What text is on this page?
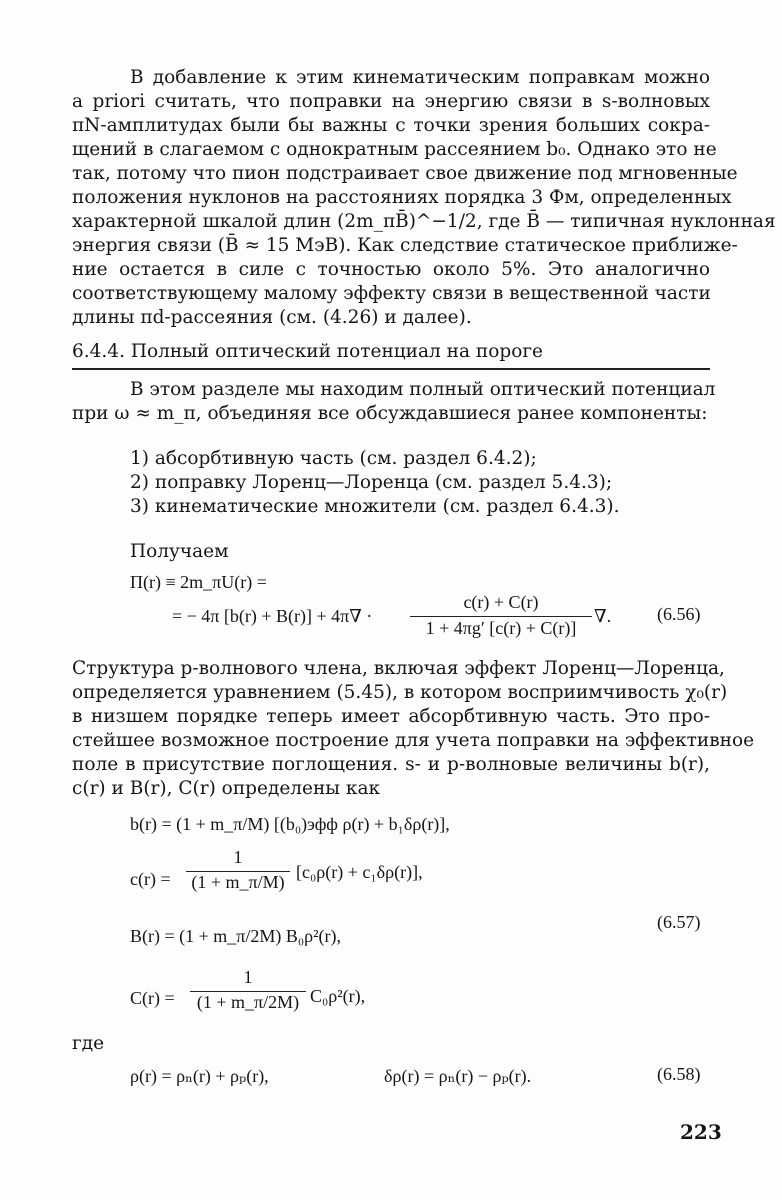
В добавление к этим кинематическим поправкам можно
a priori считать, что поправки на энергию связи в s-волновых
πN-амплитудах были бы важны с точки зрения больших сокра-
щений в слагаемом с однократным рассеянием b₀. Однако это не
так, потому что пион подстраивает свое движение под мгновенные
положения нуклонов на расстояниях порядка 3 Фм, определенных
характерной шкалой длин (2m_πB̄)^−1/2, где B̄ — типичная нуклонная
энергия связи (B̄ ≈ 15 МэВ). Как следствие статическое приближе-
ние остается в силе с точностью около 5%. Это аналогично
соответствующему малому эффекту связи в вещественной части
длины πd-рассеяния (см. (4.26) и далее).
6.4.4. Полный оптический потенциал на пороге
В этом разделе мы находим полный оптический потенциал
при ω ≈ m_π, объединяя все обсуждавшиеся ранее компоненты:
1) абсорбтивную часть (см. раздел 6.4.2);
2) поправку Лоренц—Лоренца (см. раздел 5.4.3);
3) кинематические множители (см. раздел 6.4.3).
Получаем
Π(r) ≡ 2m_πU(r) =
= − 4π [b(r) + B(r)] + 4π∇ ·
c(r) + C(r)
1 + 4πg′ [c(r) + C(r)]
∇.	(6.56)
Структура p-волнового члена, включая эффект Лоренц—Лоренца,
определяется уравнением (5.45), в котором восприимчивость χ₀(r)
в низшем порядке теперь имеет абсорбтивную часть. Это про-
стейшее возможное построение для учета поправки на эффективное
поле в присутствие поглощения. s- и p-волновые величины b(r),
c(r) и B(r), C(r) определены как
b(r) = (1 + m_π/M) [(b₀)эфф ρ(r) + b₁δρ(r)],
c(r) =
1
(1 + m_π/M) [c₀ρ(r) + c₁δρ(r)],
B(r) = (1 + m_π/2M) B₀ρ²(r),
(6.57)
C(r) =
1
(1 + m_π/2M) C₀ρ²(r),
где
ρ(r) = ρₙ(r) + ρₚ(r),	δρ(r) = ρₙ(r) − ρₚ(r).	(6.58)
223
